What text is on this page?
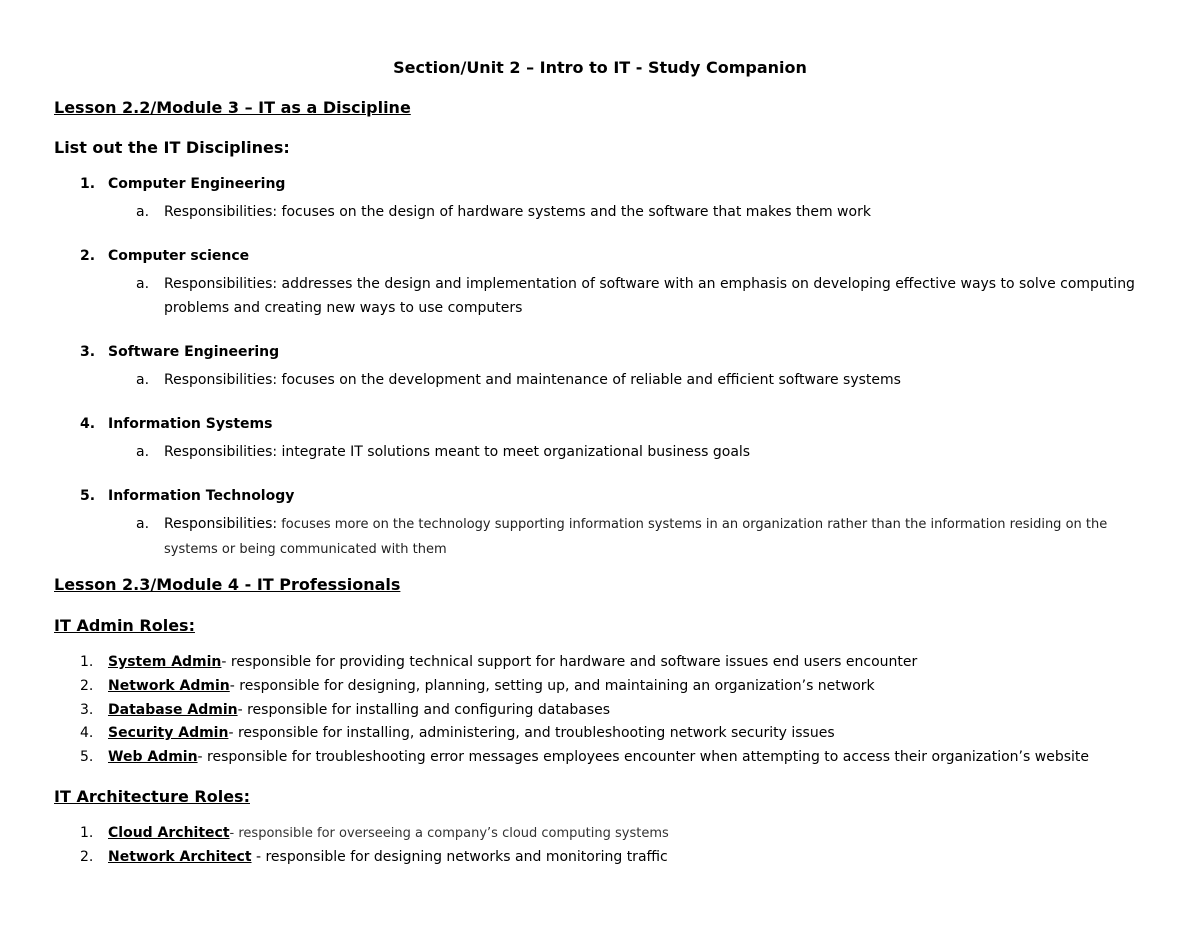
Section/Unit 2 – Intro to IT - Study Companion
Lesson 2.2/Module 3 – IT as a Discipline
List out the IT Disciplines:
1. Computer Engineering
a. Responsibilities: focuses on the design of hardware systems and the software that makes them work
2. Computer science
a. Responsibilities: addresses the design and implementation of software with an emphasis on developing effective ways to solve computing problems and creating new ways to use computers
3. Software Engineering
a. Responsibilities: focuses on the development and maintenance of reliable and efficient software systems
4. Information Systems
a. Responsibilities: integrate IT solutions meant to meet organizational business goals
5. Information Technology
a. Responsibilities: focuses more on the technology supporting information systems in an organization rather than the information residing on the systems or being communicated with them
Lesson 2.3/Module 4 - IT Professionals
IT Admin Roles:
1. System Admin- responsible for providing technical support for hardware and software issues end users encounter
2. Network Admin- responsible for designing, planning, setting up, and maintaining an organization’s network
3. Database Admin- responsible for installing and configuring databases
4. Security Admin- responsible for installing, administering, and troubleshooting network security issues
5. Web Admin- responsible for troubleshooting error messages employees encounter when attempting to access their organization’s website
IT Architecture Roles:
1. Cloud Architect- responsible for overseeing a company’s cloud computing systems
2. Network Architect - responsible for designing networks and monitoring traffic
